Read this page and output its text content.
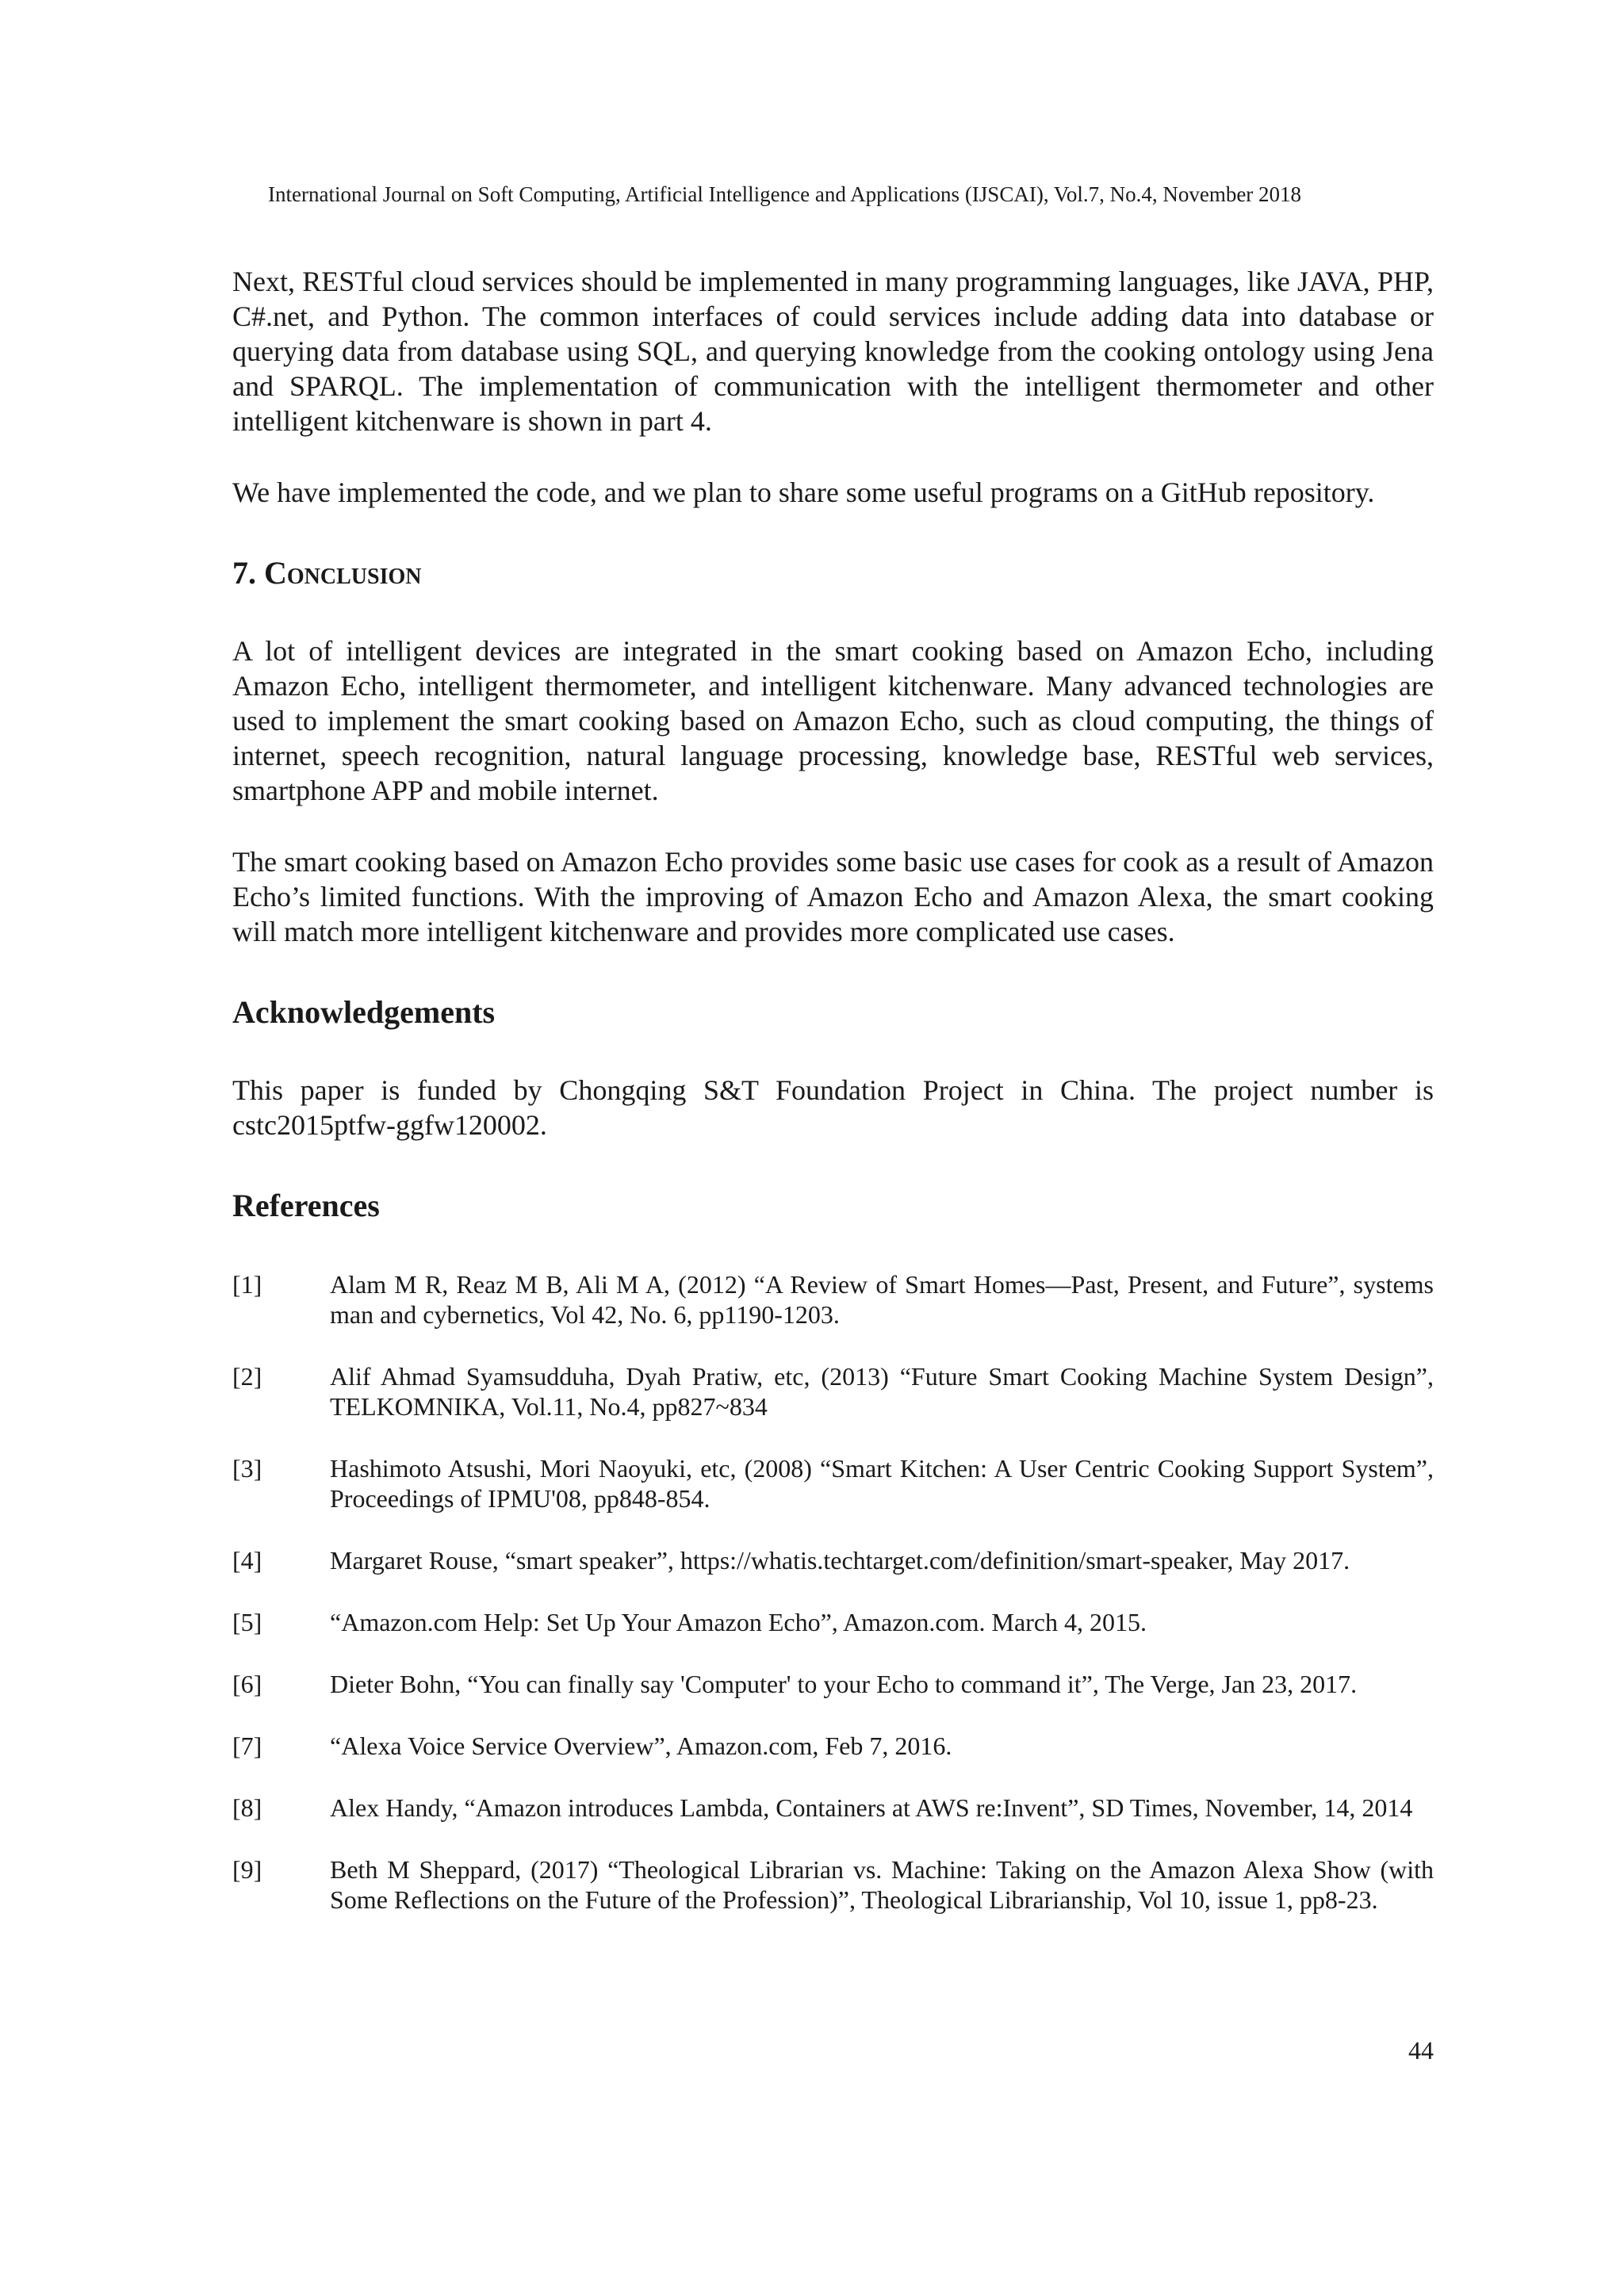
International Journal on Soft Computing, Artificial Intelligence and Applications (IJSCAI), Vol.7, No.4, November 2018

Next, RESTful cloud services should be implemented in many programming languages, like JAVA, PHP, C#.net, and Python. The common interfaces of could services include adding data into database or querying data from database using SQL, and querying knowledge from the cooking ontology using Jena and SPARQL. The implementation of communication with the intelligent thermometer and other intelligent kitchenware is shown in part 4.

We have implemented the code, and we plan to share some useful programs on a GitHub repository.

7. Conclusion

A lot of intelligent devices are integrated in the smart cooking based on Amazon Echo, including Amazon Echo, intelligent thermometer, and intelligent kitchenware. Many advanced technologies are used to implement the smart cooking based on Amazon Echo, such as cloud computing, the things of internet, speech recognition, natural language processing, knowledge base, RESTful web services, smartphone APP and mobile internet.

The smart cooking based on Amazon Echo provides some basic use cases for cook as a result of Amazon Echo’s limited functions. With the improving of Amazon Echo and Amazon Alexa, the smart cooking will match more intelligent kitchenware and provides more complicated use cases.

Acknowledgements

This paper is funded by Chongqing S&T Foundation Project in China. The project number is cstc2015ptfw-ggfw120002.

References
[1]	Alam M R, Reaz M B, Ali M A, (2012) “A Review of Smart Homes—Past, Present, and Future”, systems man and cybernetics, Vol 42, No. 6, pp1190-1203.
[2]	Alif Ahmad Syamsudduha, Dyah Pratiw, etc, (2013) “Future Smart Cooking Machine System Design”, TELKOMNIKA, Vol.11, No.4, pp827~834
[3]	Hashimoto Atsushi, Mori Naoyuki, etc, (2008) “Smart Kitchen: A User Centric Cooking Support System”, Proceedings of IPMU'08, pp848-854.
[4]	Margaret Rouse, “smart speaker”, https://whatis.techtarget.com/definition/smart-speaker, May 2017.
[5]	“Amazon.com Help: Set Up Your Amazon Echo”, Amazon.com. March 4, 2015.
[6]	Dieter Bohn, “You can finally say 'Computer' to your Echo to command it”, The Verge, Jan 23, 2017.
[7]	“Alexa Voice Service Overview”, Amazon.com, Feb 7, 2016.
[8]	Alex Handy, “Amazon introduces Lambda, Containers at AWS re:Invent”, SD Times, November, 14, 2014
[9]	Beth M Sheppard, (2017) “Theological Librarian vs. Machine: Taking on the Amazon Alexa Show (with Some Reflections on the Future of the Profession)”, Theological Librarianship, Vol 10, issue 1, pp8-23.
44
